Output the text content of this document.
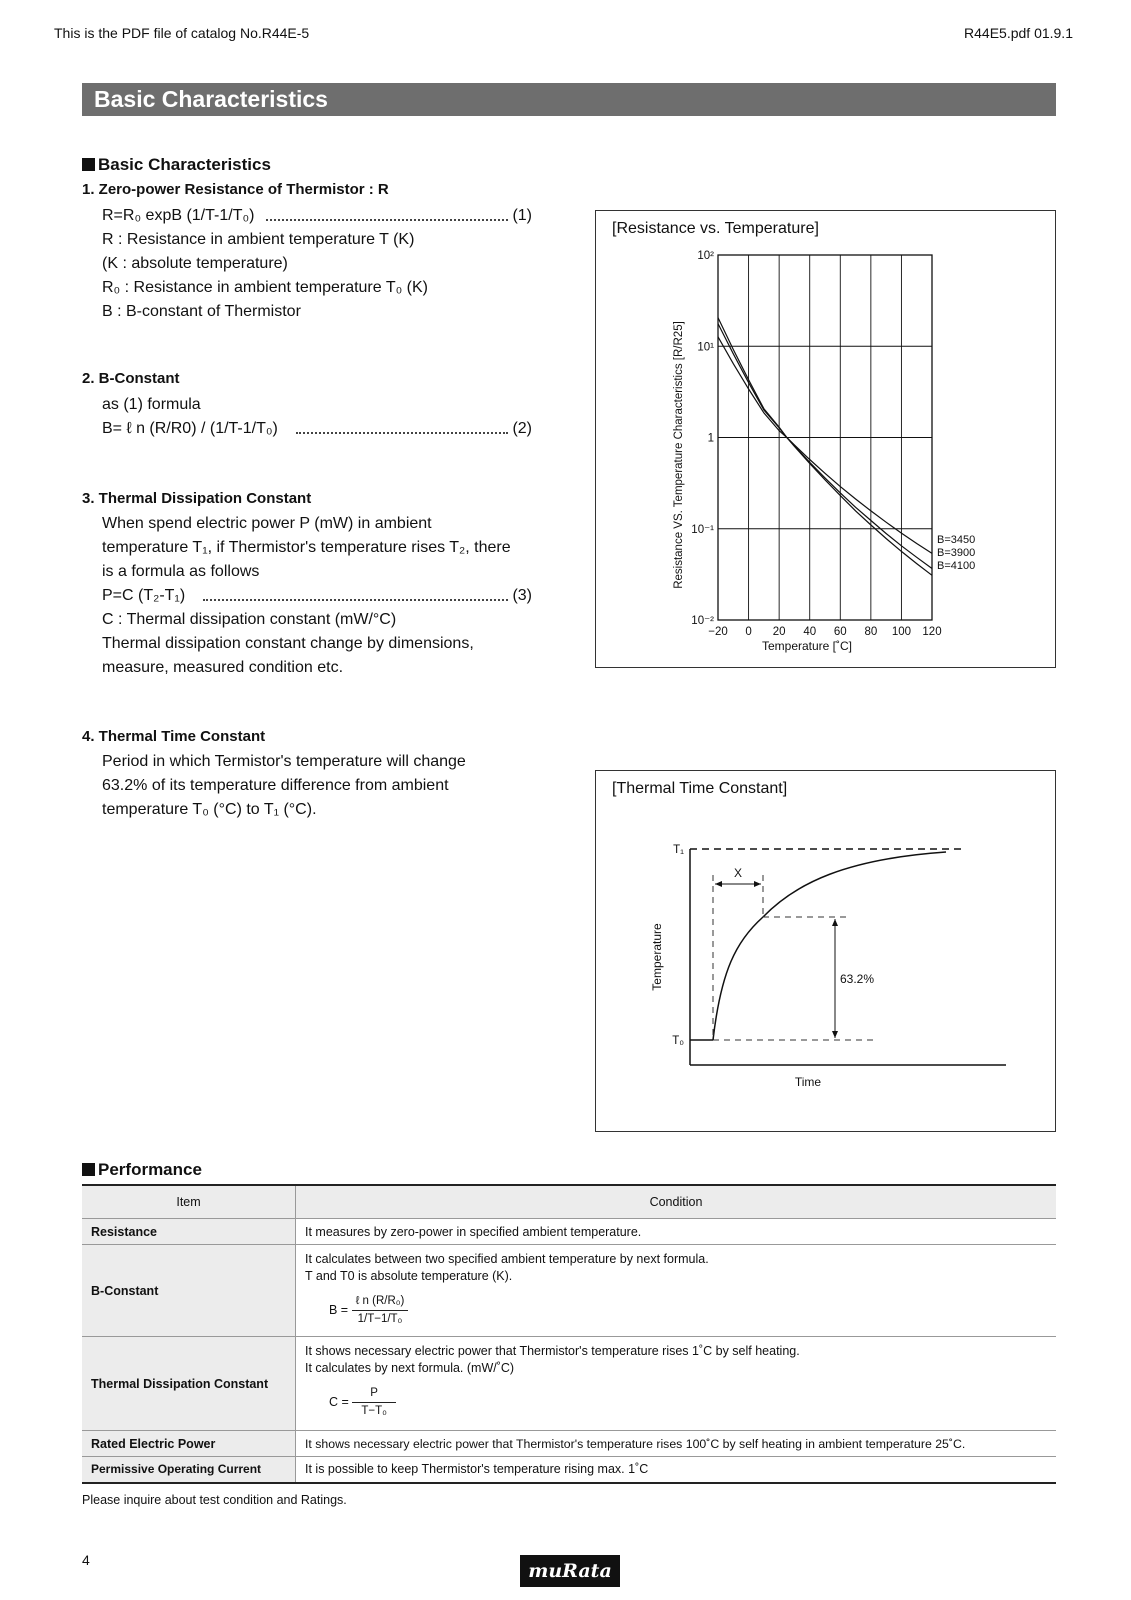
This is the PDF file of catalog No.R44E-5	R44E5.pdf 01.9.1
Basic Characteristics
Basic Characteristics
1. Zero-power Resistance of Thermistor : R
R=R₀ expB (1/T-1/T₀)	(1)
R : Resistance in ambient temperature T (K)
(K : absolute temperature)
R₀ : Resistance in ambient temperature T₀ (K)
B : B-constant of Thermistor
2. B-Constant
as (1) formula
B= ℓ n (R/R0) / (1/T-1/T₀)	(2)
3. Thermal Dissipation Constant
When spend electric power P (mW) in ambient
temperature T₁, if Thermistor's temperature rises T₂, there
is a formula as follows
P=C (T₂-T₁)	(3)
C : Thermal dissipation constant (mW/°C)
Thermal dissipation constant change by dimensions,
measure, measured condition etc.
4. Thermal Time Constant
Period in which Termistor's temperature will change
63.2% of its temperature difference from ambient
temperature T₀ (°C) to T₁ (°C).
[Resistance vs. Temperature]
Resistance VS. Temperature Characteristics [R/R25]
Temperature [˚C]
10²
10¹
1
10⁻¹
10⁻²
−20 0 20 40 60 80 100 120
B=3450
B=3900
B=4100
[Thermal Time Constant]
X
63.2%
T₁
T₀
Temperature
Time
Performance
Item	Condition
Resistance	It measures by zero-power in specified ambient temperature.
B-Constant	It calculates between two specified ambient temperature by next formula.
T and T0 is absolute temperature (K).
$B = \frac{\text{ℓ n (R/R₀)}}{\text{1/T−1/T₀}}$

Thermal Dissipation Constant	It shows necessary electric power that Thermistor's temperature rises 1˚C by self heating.
It calculates by next formula. (mW/˚C)
$C = \frac{P}{\text{T−T₀}}$

Rated Electric Power	It shows necessary electric power that Thermistor's temperature rises 100˚C by self heating in ambient temperature 25˚C.
Permissive Operating Current	It is possible to keep Thermistor's temperature rising max. 1˚C
Please inquire about test condition and Ratings.
4	muRata
